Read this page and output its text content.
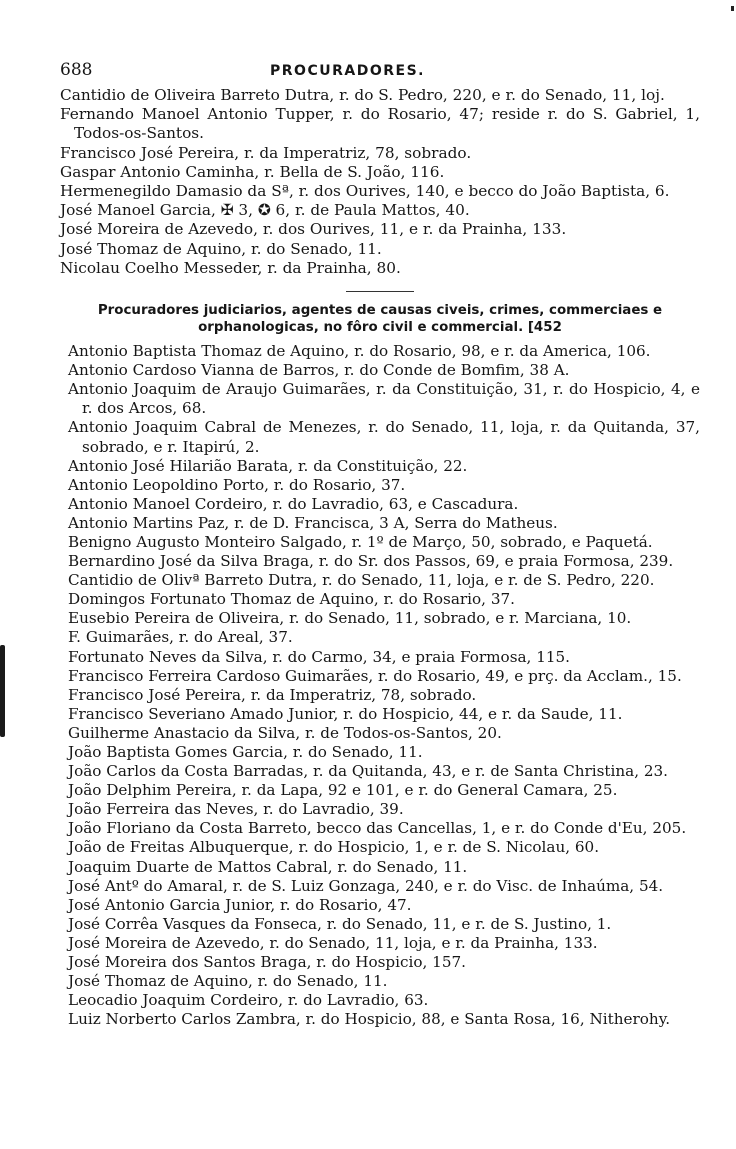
688	PROCURADORES.
Cantidio de Oliveira Barreto Dutra, r. do S. Pedro, 220, e r. do Senado, 11, loj.
Fernando Manoel Antonio Tupper, r. do Rosario, 47; reside r. do S. Gabriel, 1, Todos-os-Santos.
Francisco José Pereira, r. da Imperatriz, 78, sobrado.
Gaspar Antonio Caminha, r. Bella de S. João, 116.
Hermenegildo Damasio da Sª, r. dos Ourives, 140, e becco do João Baptista, 6.
José Manoel Garcia, ✠ 3, ✪ 6, r. de Paula Mattos, 40.
José Moreira de Azevedo, r. dos Ourives, 11, e r. da Prainha, 133.
José Thomaz de Aquino, r. do Senado, 11.
Nicolau Coelho Messeder, r. da Prainha, 80.
Procuradores judiciarios, agentes de causas civeis, crimes, commerciaes e orphanologicas, no fôro civil e commercial. [452
Antonio Baptista Thomaz de Aquino, r. do Rosario, 98, e r. da America, 106.
Antonio Cardoso Vianna de Barros, r. do Conde de Bomfim, 38 A.
Antonio Joaquim de Araujo Guimarães, r. da Constituição, 31, r. do Hospicio, 4, e r. dos Arcos, 68.
Antonio Joaquim Cabral de Menezes, r. do Senado, 11, loja, r. da Quitanda, 37, sobrado, e r. Itapirú, 2.
Antonio José Hilarião Barata, r. da Constituição, 22.
Antonio Leopoldino Porto, r. do Rosario, 37.
Antonio Manoel Cordeiro, r. do Lavradio, 63, e Cascadura.
Antonio Martins Paz, r. de D. Francisca, 3 A, Serra do Matheus.
Benigno Augusto Monteiro Salgado, r. 1º de Março, 50, sobrado, e Paquetá.
Bernardino José da Silva Braga, r. do Sr. dos Passos, 69, e praia Formosa, 239.
Cantidio de Olivª Barreto Dutra, r. do Senado, 11, loja, e r. de S. Pedro, 220.
Domingos Fortunato Thomaz de Aquino, r. do Rosario, 37.
Eusebio Pereira de Oliveira, r. do Senado, 11, sobrado, e r. Marciana, 10.
F. Guimarães, r. do Areal, 37.
Fortunato Neves da Silva, r. do Carmo, 34, e praia Formosa, 115.
Francisco Ferreira Cardoso Guimarães, r. do Rosario, 49, e prç. da Acclam., 15.
Francisco José Pereira, r. da Imperatriz, 78, sobrado.
Francisco Severiano Amado Junior, r. do Hospicio, 44, e r. da Saude, 11.
Guilherme Anastacio da Silva, r. de Todos-os-Santos, 20.
João Baptista Gomes Garcia, r. do Senado, 11.
João Carlos da Costa Barradas, r. da Quitanda, 43, e r. de Santa Christina, 23.
João Delphim Pereira, r. da Lapa, 92 e 101, e r. do General Camara, 25.
João Ferreira das Neves, r. do Lavradio, 39.
João Floriano da Costa Barreto, becco das Cancellas, 1, e r. do Conde d'Eu, 205.
João de Freitas Albuquerque, r. do Hospicio, 1, e r. de S. Nicolau, 60.
Joaquim Duarte de Mattos Cabral, r. do Senado, 11.
José Antº do Amaral, r. de S. Luiz Gonzaga, 240, e r. do Visc. de Inhaúma, 54.
José Antonio Garcia Junior, r. do Rosario, 47.
José Corrêa Vasques da Fonseca, r. do Senado, 11, e r. de S. Justino, 1.
José Moreira de Azevedo, r. do Senado, 11, loja, e r. da Prainha, 133.
José Moreira dos Santos Braga, r. do Hospicio, 157.
José Thomaz de Aquino, r. do Senado, 11.
Leocadio Joaquim Cordeiro, r. do Lavradio, 63.
Luiz Norberto Carlos Zambra, r. do Hospicio, 88, e Santa Rosa, 16, Nitherohy.
